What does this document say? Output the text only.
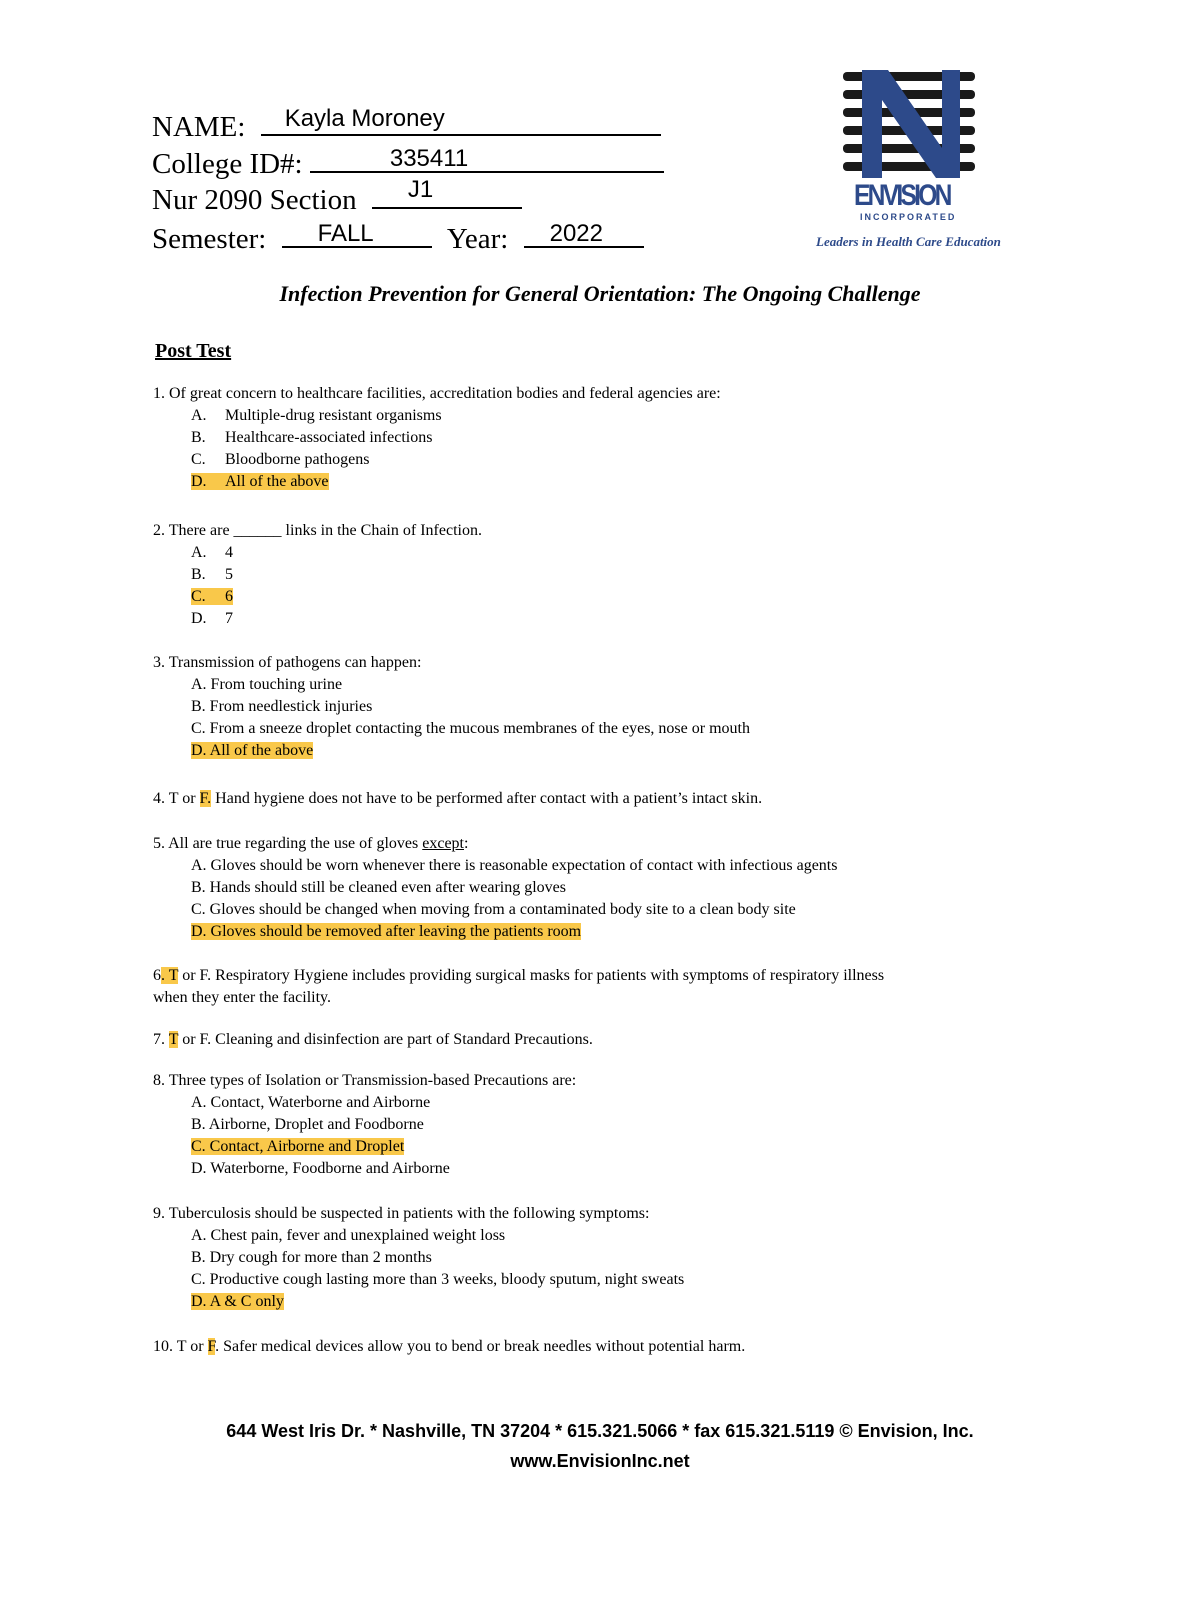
NAME: Kayla Moroney
College ID#:	335411
Nur 2090 Section J1
Semester: FALL	Year: 2022
ENVISION
INCORPORATED
Leaders in Health Care Education
Infection Prevention for General Orientation: The Ongoing Challenge
Post Test
1. Of great concern to healthcare facilities, accreditation bodies and federal agencies are:
A. Multiple-drug resistant organisms
B. Healthcare-associated infections
C. Bloodborne pathogens
D. All of the above
2. There are ______ links in the Chain of Infection.
A. 4
B. 5
C. 6
D. 7
3. Transmission of pathogens can happen:
A. From touching urine
B. From needlestick injuries
C. From a sneeze droplet contacting the mucous membranes of the eyes, nose or mouth
D. All of the above
4. T or F. Hand hygiene does not have to be performed after contact with a patient’s intact skin.
5. All are true regarding the use of gloves except:
A. Gloves should be worn whenever there is reasonable expectation of contact with infectious agents
B. Hands should still be cleaned even after wearing gloves
C. Gloves should be changed when moving from a contaminated body site to a clean body site
D. Gloves should be removed after leaving the patients room
6. T or F. Respiratory Hygiene includes providing surgical masks for patients with symptoms of respiratory illness
when they enter the facility.
7. T or F. Cleaning and disinfection are part of Standard Precautions.
8. Three types of Isolation or Transmission-based Precautions are:
A. Contact, Waterborne and Airborne
B. Airborne, Droplet and Foodborne
C. Contact, Airborne and Droplet
D. Waterborne, Foodborne and Airborne
9. Tuberculosis should be suspected in patients with the following symptoms:
A. Chest pain, fever and unexplained weight loss
B. Dry cough for more than 2 months
C. Productive cough lasting more than 3 weeks, bloody sputum, night sweats
D. A & C only
10. T or F. Safer medical devices allow you to bend or break needles without potential harm.
644 West Iris Dr. * Nashville, TN 37204 * 615.321.5066 * fax 615.321.5119 © Envision, Inc.
www.EnvisionInc.net
